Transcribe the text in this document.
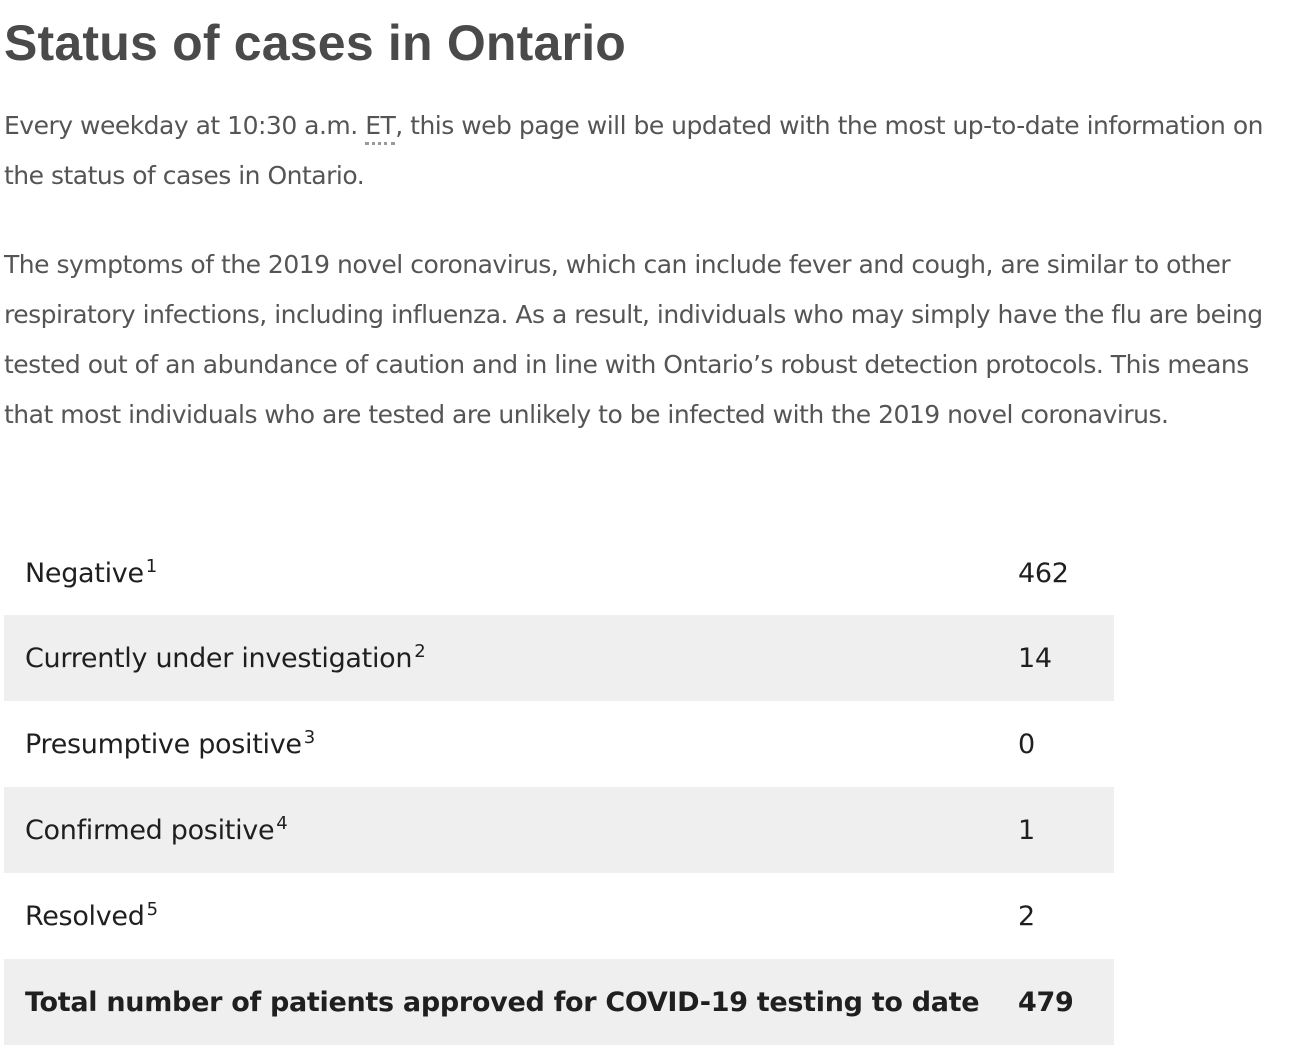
Status of cases in Ontario

Every weekday at 10:30 a.m. ET, this web page will be updated with the most up-to-date information on the status of cases in Ontario.

The symptoms of the 2019 novel coronavirus, which can include fever and cough, are similar to other respiratory infections, including influenza. As a result, individuals who may simply have the flu are being tested out of an abundance of caution and in line with Ontario’s robust detection protocols. This means that most individuals who are tested are unlikely to be infected with the 2019 novel coronavirus.

Negative $^1$	462
Currently under investigation $^2$	14
Presumptive positive $^3$	0
Confirmed positive $^4$	1
Resolved $^5$	2
Total number of patients approved for COVID-19 testing to date	479
